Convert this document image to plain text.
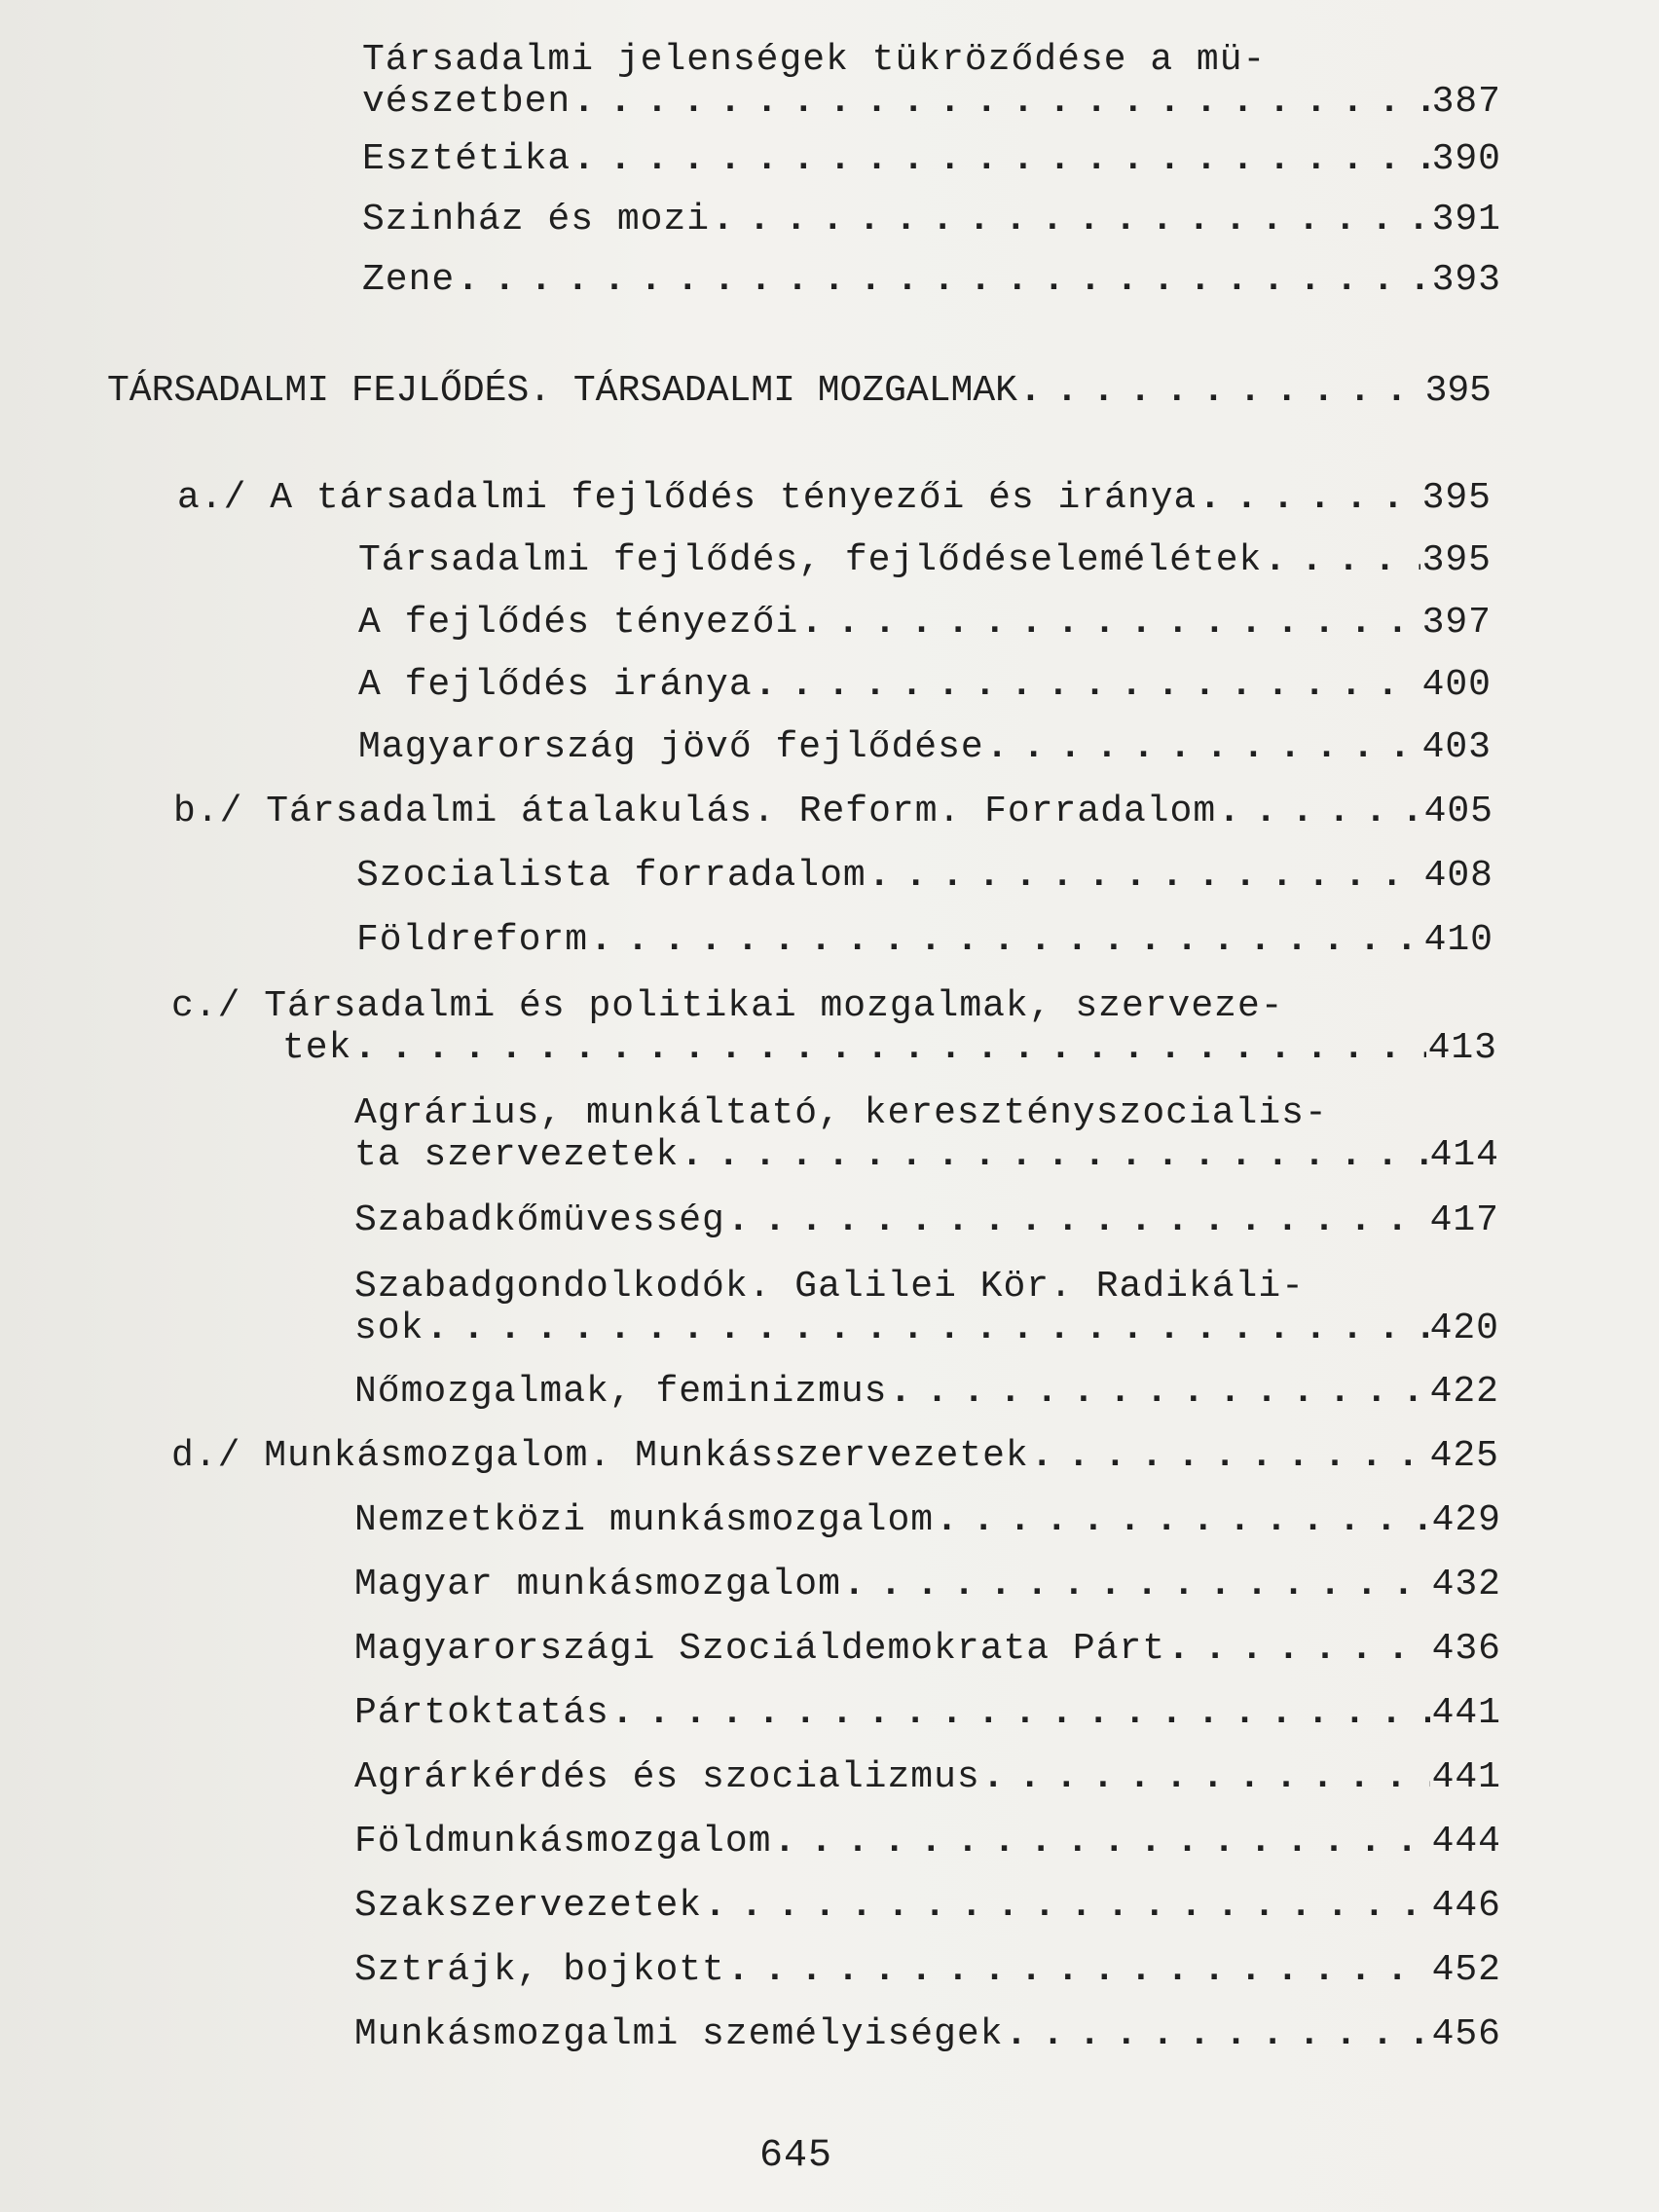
Társadalmi jelenségek tükröződése a mü-
vészetben . . .	387
Esztétika . . .	390
Szinház és mozi . . .	391
Zene . . .	393
TÁRSADALMI FEJLŐDÉS. TÁRSADALMI MOZGALMAK . . .	395
a./ A társadalmi fejlődés tényezői és iránya . . .	395
Társadalmi fejlődés, fejlődéselemélétek . . .	395
A fejlődés tényezői . . .	397
A fejlődés iránya . . .	400
Magyarország jövő fejlődése . . .	403
b./ Társadalmi átalakulás. Reform. Forradalom . . .	405
Szocialista forradalom . . .	408
Földreform . . .	410
c./ Társadalmi és politikai mozgalmak, szerveze-
tek . . .	413
Agrárius, munkáltató, keresztényszocialis-
ta szervezetek . . .	414
Szabadkőmüvesség . . .	417
Szabadgondolkodók. Galilei Kör. Radikáli-
sok . . .	420
Nőmozgalmak, feminizmus . . .	422
d./ Munkásmozgalom. Munkásszervezetek . . .	425
Nemzetközi munkásmozgalom . . .	429
Magyar munkásmozgalom . . .	432
Magyarországi Szociáldemokrata Párt . . .	436
Pártoktatás . . .	441
Agrárkérdés és szocializmus . . .	441
Földmunkásmozgalom . . .	444
Szakszervezetek . . .	446
Sztrájk, bojkott . . .	452
Munkásmozgalmi személyiségek . . .	456
645
